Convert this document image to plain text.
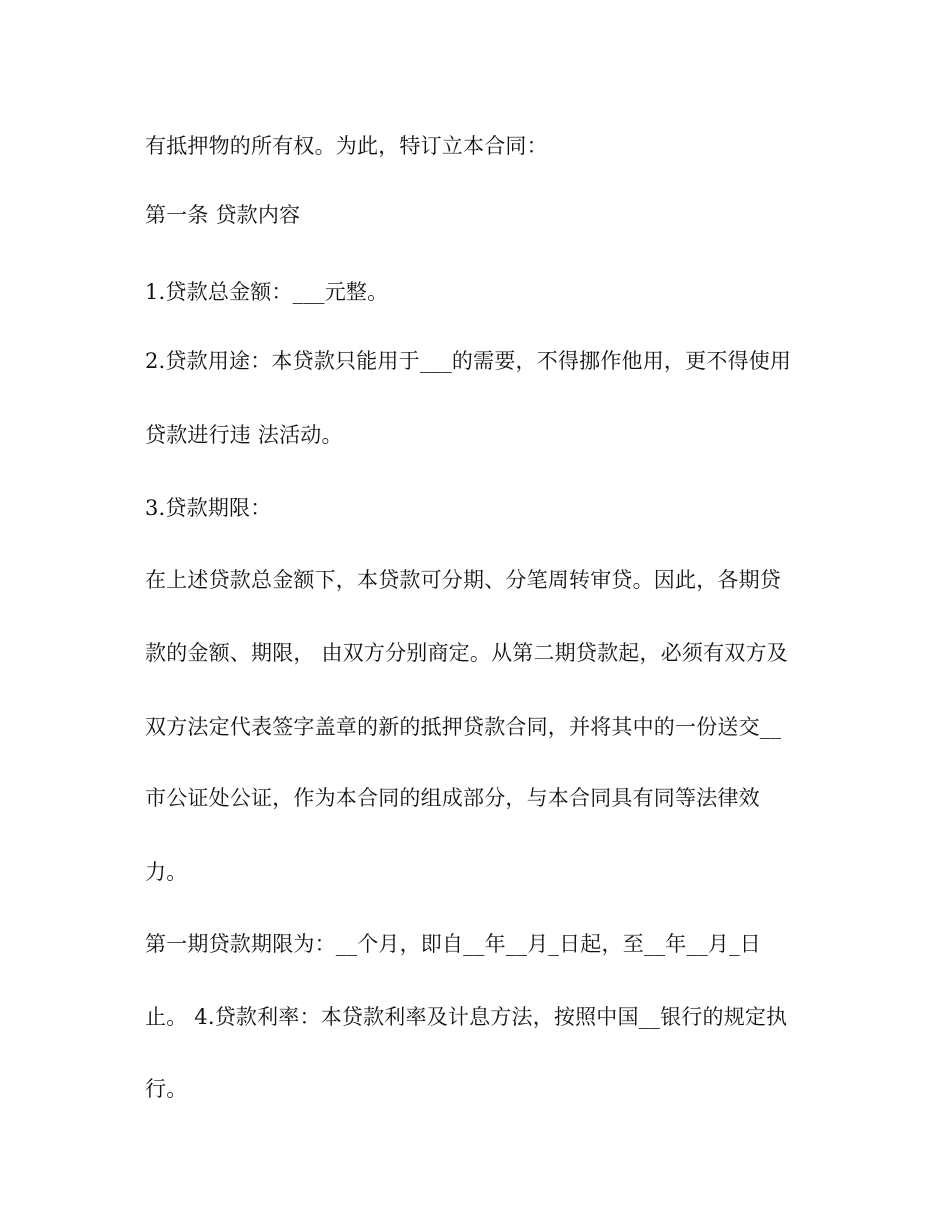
有抵押物的所有权。为此，特订立本合同：
第一条 贷款内容
1.贷款总金额：___元整。
2.贷款用途：本贷款只能用于___的需要，不得挪作他用，更不得使用
贷款进行违 法活动。
3.贷款期限：
在上述贷款总金额下，本贷款可分期、分笔周转审贷。因此，各期贷
款的金额、期限， 由双方分别商定。从第二期贷款起，必须有双方及
双方法定代表签字盖章的新的抵押贷款合同，并将其中的一份送交__
市公证处公证，作为本合同的组成部分，与本合同具有同等法律效
力。
第一期贷款期限为：__个月，即自__年__月_日起，至__年__月_日
止。 4.贷款利率：本贷款利率及计息方法，按照中国__银行的规定执
行。
